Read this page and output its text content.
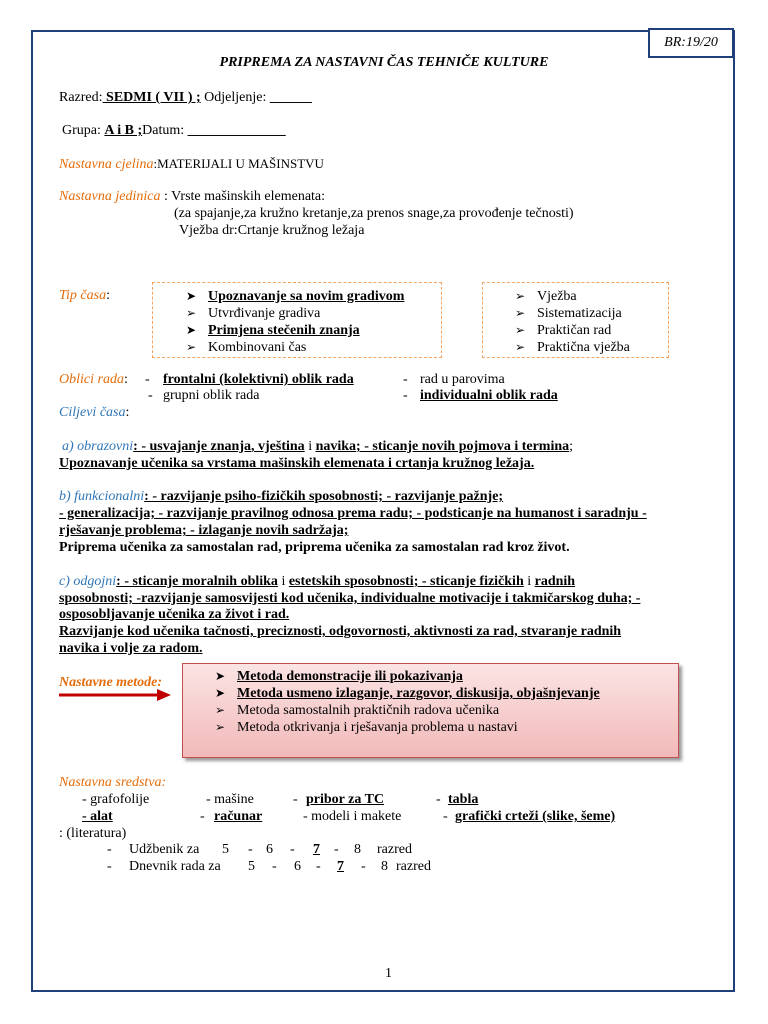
BR:19/20
PRIPREMA ZA NASTAVNI ČAS TEHNIČE KULTURE
Razred: SEDMI ( VII ) ; Odjeljenje: ______
Grupa: A i B ;Datum: ______________
Nastavna cjelina:MATERIJALI U MAŠINSTVU
Nastavna jedinica : Vrste mašinskih elemenata:
(za spajanje,za kružno kretanje,za prenos snage,za provođenje tečnosti)
Vježba dr:Crtanje kružnog ležaja
Tip časa:	➤ Upoznavanje sa novim gradivom
➢ Utvrđivanje gradiva
➤ Primjena stečenih znanja
➢ Kombinovani čas
➢ Vježba
➢ Sistematizacija
➢ Praktičan rad
➢ Praktična vježba
Oblici rada: - frontalni (kolektivni) oblik rada	- rad u parovima
- grupni oblik rada	- individualni oblik rada
Ciljevi časa:
a) obrazovni: - usvajanje znanja, vještina i navika; - sticanje novih pojmova i termina;
Upoznavanje učenika sa vrstama mašinskih elemenata i crtanja kružnog ležaja.
b) funkcionalni: - razvijanje psiho-fizičkih sposobnosti; - razvijanje pažnje;
- generalizacija; - razvijanje pravilnog odnosa prema radu; - podsticanje na humanost i saradnju -
rješavanje problema; - izlaganje novih sadržaja;
Priprema učenika za samostalan rad, priprema učenika za samostalan rad kroz život.
c) odgojni: - sticanje moralnih oblika i estetskih sposobnosti; - sticanje fizičkih i radnih
sposobnosti; -razvijanje samosvijesti kod učenika, individualne motivacije i takmičarskog duha; -
osposobljavanje učenika za život i rad.
Razvijanje kod učenika tačnosti, preciznosti, odgovornosti, aktivnosti za rad, stvaranje radnih
navika i volje za radom.
Nastavne metode:	➤ Metoda demonstracije ili pokazivanja
➤ Metoda usmeno izlaganje, razgovor, diskusija, objašnjevanje
➢ Metoda samostalnih praktičnih radova učenika
➢ Metoda otkrivanja i rješavanja problema u nastavi
Nastavna sredstva:
- grafofolije	- mašine	- pribor za TC	- tabla
- alat	- računar	- modeli i makete	- grafički crteži (slike, šeme)
: (literatura)
- Udžbenik za 5 - 6 - 7 - 8 razred
- Dnevnik rada za 5 - 6 - 7 - 8 razred
1
